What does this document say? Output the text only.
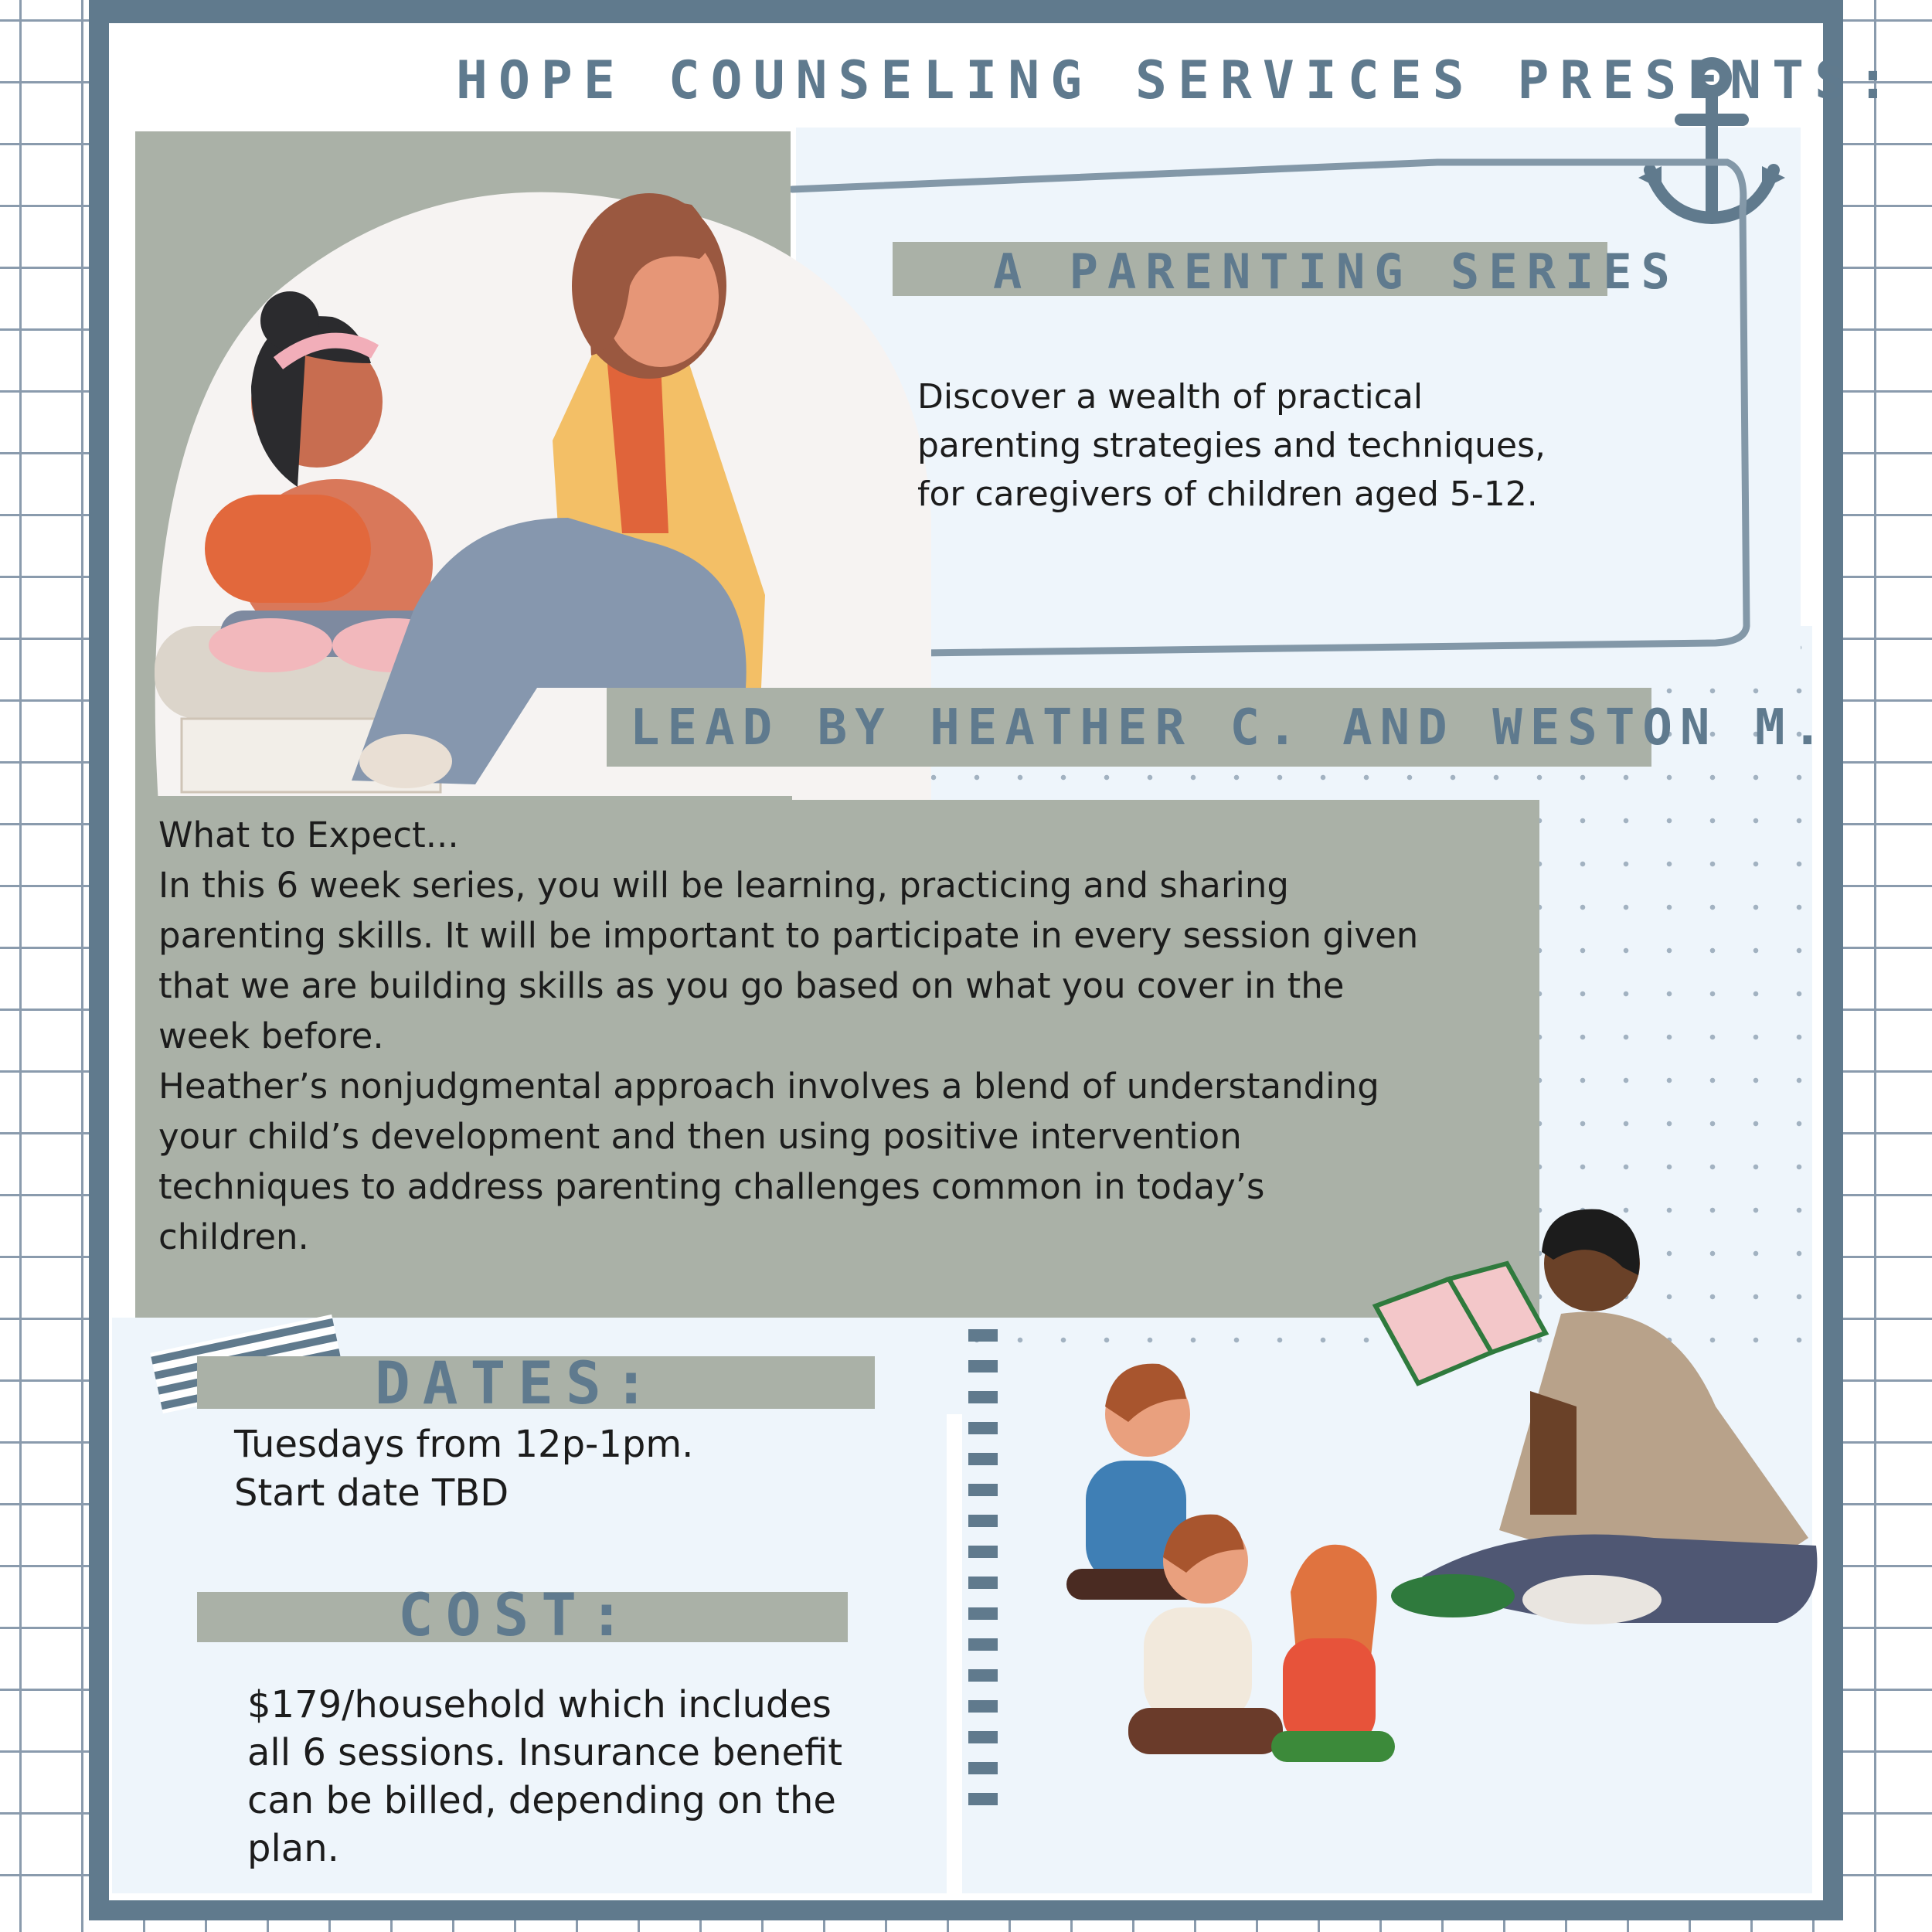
HOPE COUNSELING SERVICES PRESENTS:
A PARENTING SERIES
Discover a wealth of practical
parenting strategies and techniques,
for caregivers of children aged 5-12.
LEAD BY HEATHER C. AND WESTON M.
What to Expect...
In this 6 week series, you will be learning, practicing and sharing
parenting skills. It will be important to participate in every session given
that we are building skills as you go based on what you cover in the
week before.
Heather’s nonjudgmental approach involves a blend of understanding
your child’s development and then using positive intervention
techniques to address parenting challenges common in today’s
children.
DATES:
Tuesdays from 12p-1pm.
Start date TBD
COST:
$179/household which includes
all 6 sessions. Insurance benefit
can be billed, depending on the
plan.
